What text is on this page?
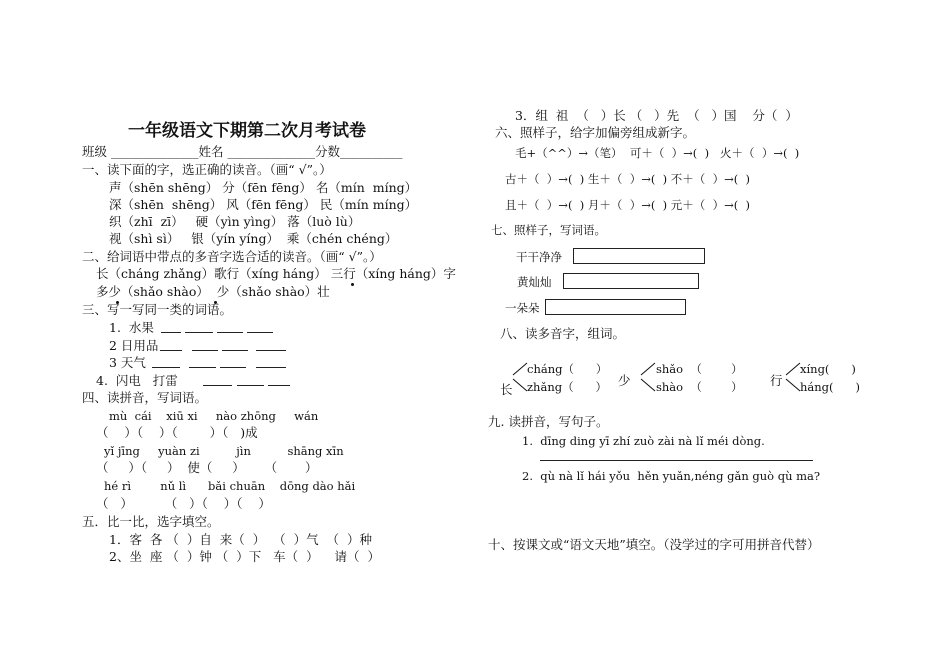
一年级语文下期第二次月考试卷
班级 ______________姓名 ______________分数__________
一、读下面的字，选正确的读音。（画“ √”。）
声（shēn shēng） 分（fēn fēng） 名（mín  míng）
深（shēn  shēng） 风（fēn fēng） 民（mín míng）
织（zhī  zī）   硬（yìn yìng） 落（luò lù）
视（shì sì）   银（yín yíng）  乘（chén chéng）
二、给词语中带点的多音字选合适的读音。（画“ √”。）
长（cháng zhǎng）歌行（xíng háng） 三行（xíng háng）字
多少（shǎo shào）  少（shǎo shào）壮
三、写一写同一类的词语。
1.  水果
2 日用品
3 天气
4.  闪电   打雷
四、读拼音，写词语。
mù  cái    xiū xi     nào zhōng     wán
（    ）（    ）（        ）（   )成
yǐ jīng     yuàn zi          jìn          shāng xīn
（     ）（     ）  使（     ）     （       ）
hé rì        nǔ lì      bǎi chuān    dōng dào hǎi
（   ）        （   ）（    ）（    ）
五．比一比，选字填空。
1．客  各 （  ）自  来（  ）  （  ）气  （  ）种
2、坐  座 （  ）钟 （  ）下   车（  ）    请（  ）
3．组  祖  （   ）长 （   ）先  （   ）国    分（  ）
六、照样子，给字加偏旁组成新字。
毛+（^^）→（笔）  可＋（  ）→(  )   火＋（  ）→(  )
古＋（  ）→(  ) 生＋（  ）→(  ) 不＋（  ）→(  )
且＋（  ）→(  ) 月＋（  ）→(  ) 元＋（  ）→(  )
七、照样子，写词语。
干干净净
黄灿灿
一朵朵
八、读多音字，组词。
长
cháng（      ）
zhǎng（      ） 少
shǎo  （        ）
shào  （        ） 行
xíng(      )
háng(      )
九. 读拼音，写句子。
1.  dīng ding yī zhí zuò zài nà lǐ méi dòng.
2.  qù nà lǐ hái yǒu  hěn yuǎn,néng gǎn guò qù ma?
十、按课文或“语文天地”填空。（没学过的字可用拼音代替）
